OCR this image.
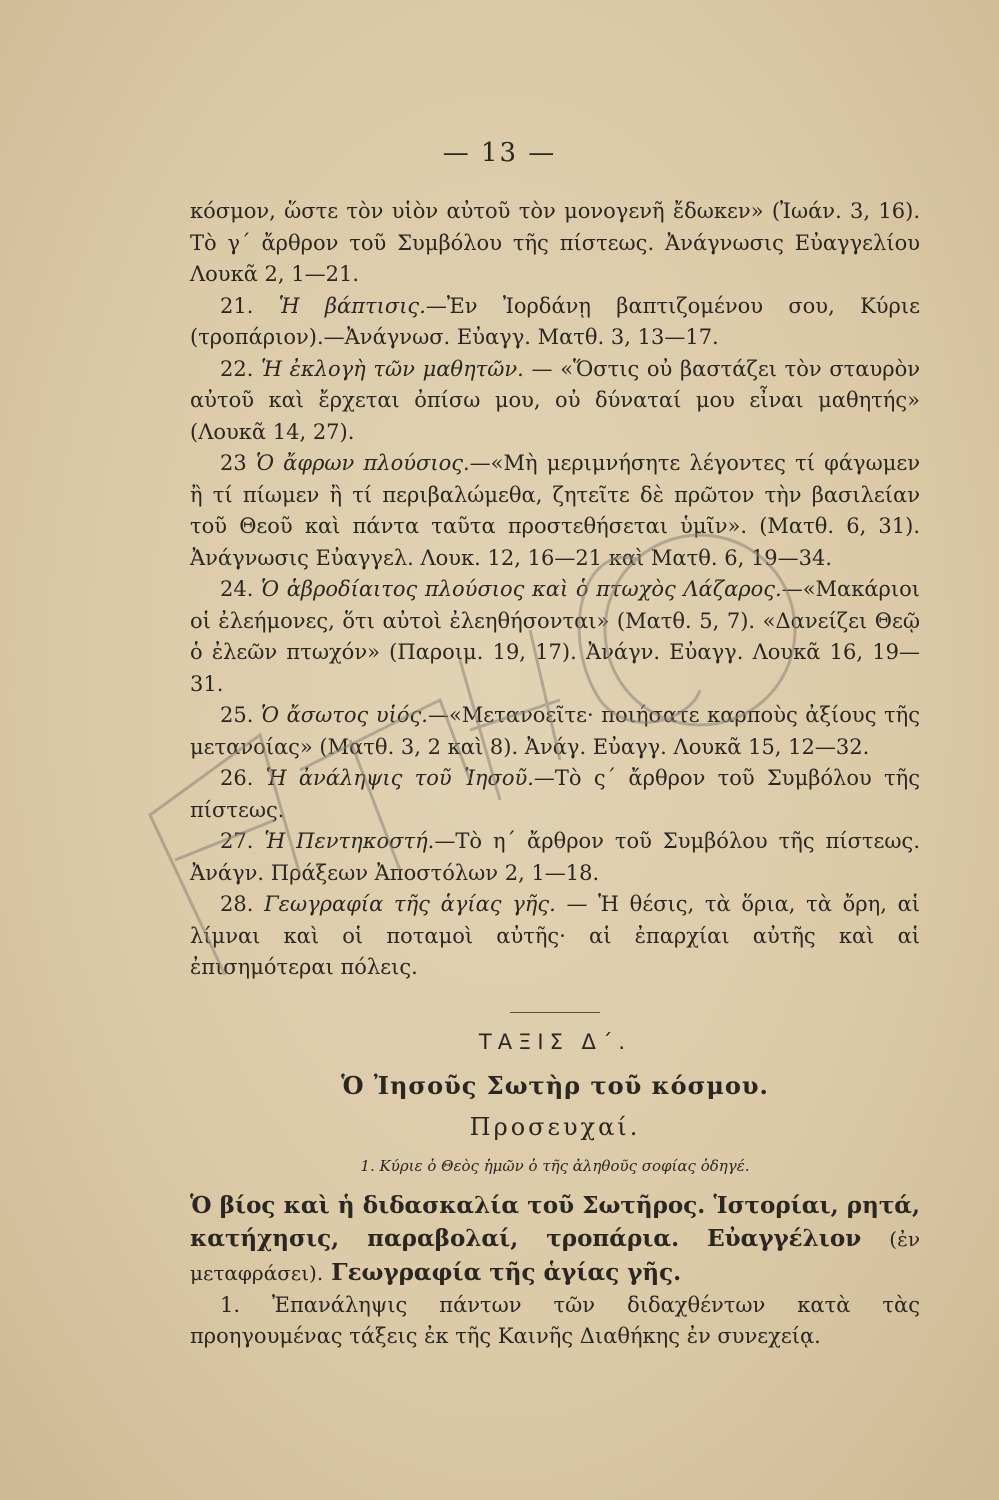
— 13 —

κόσμον, ὥστε τὸν υἱὸν αὐτοῦ τὸν μονογενῆ ἔδωκεν» (Ἰωάν. 3, 16). Τὸ γ΄ ἄρθρον τοῦ Συμβόλου τῆς πίστεως. Ἀνάγνωσις Εὐαγγελίου Λουκᾶ 2, 1—21.

21. Ἡ βάπτισις.—Ἐν Ἰορδάνῃ βαπτιζομένου σου, Κύριε (τροπάριον).—Ἀνάγνωσ. Εὐαγγ. Ματθ. 3, 13—17.

22. Ἡ ἐκλογὴ τῶν μαθητῶν. — «Ὅστις οὐ βαστάζει τὸν σταυρὸν αὐτοῦ καὶ ἔρχεται ὀπίσω μου, οὐ δύναταί μου εἶναι μαθητής» (Λουκᾶ 14, 27).

23 Ὁ ἄφρων πλούσιος.—«Μὴ μεριμνήσητε λέγοντες τί φάγωμεν ἢ τί πίωμεν ἢ τί περιβαλώμεθα, ζητεῖτε δὲ πρῶτον τὴν βασιλείαν τοῦ Θεοῦ καὶ πάντα ταῦτα προστεθήσεται ὑμῖν». (Ματθ. 6, 31). Ἀνάγνωσις Εὐαγγελ. Λουκ. 12, 16—21 καὶ Ματθ. 6, 19—34.

24. Ὁ ἁβροδίαιτος πλούσιος καὶ ὁ πτωχὸς Λάζαρος.—«Μακάριοι οἱ ἐλεήμονες, ὅτι αὐτοὶ ἐλεηθήσονται» (Ματθ. 5, 7). «Δανείζει Θεῷ ὁ ἐλεῶν πτωχόν» (Παροιμ. 19, 17). Ἀνάγν. Εὐαγγ. Λουκᾶ 16, 19—31.

25. Ὁ ἄσωτος υἱός.—«Μετανοεῖτε· ποιήσατε καρποὺς ἀξίους τῆς μετανοίας» (Ματθ. 3, 2 καὶ 8). Ἀνάγ. Εὐαγγ. Λουκᾶ 15, 12—32.

26. Ἡ ἀνάληψις τοῦ Ἰησοῦ.—Τὸ ς΄ ἄρθρον τοῦ Συμβόλου τῆς πίστεως.

27. Ἡ Πεντηκοστή.—Τὸ η΄ ἄρθρον τοῦ Συμβόλου τῆς πίστεως. Ἀνάγν. Πράξεων Ἀποστόλων 2, 1—18.

28. Γεωγραφία τῆς ἁγίας γῆς. — Ἡ θέσις, τὰ ὅρια, τὰ ὄρη, αἱ λίμναι καὶ οἱ ποταμοὶ αὐτῆς· αἱ ἐπαρχίαι αὐτῆς καὶ αἱ ἐπισημότεραι πόλεις.

ΤΑΞΙΣ Δ΄.
Ὁ Ἰησοῦς Σωτὴρ τοῦ κόσμου.
Προσευχαί.
1. Κύριε ὁ Θεὸς ἡμῶν ὁ τῆς ἀληθοῦς σοφίας ὁδηγέ.

Ὁ βίος καὶ ἡ διδασκαλία τοῦ Σωτῆρος. Ἱστορίαι, ρητά, κατήχησις, παραβολαί, τροπάρια. Εὐαγγέλιον (ἐν μεταφράσει). Γεωγραφία τῆς ἁγίας γῆς.

1. Ἐπανάληψις πάντων τῶν διδαχθέντων κατὰ τὰς προηγουμένας τάξεις ἐκ τῆς Καινῆς Διαθήκης ἐν συνεχείᾳ.
